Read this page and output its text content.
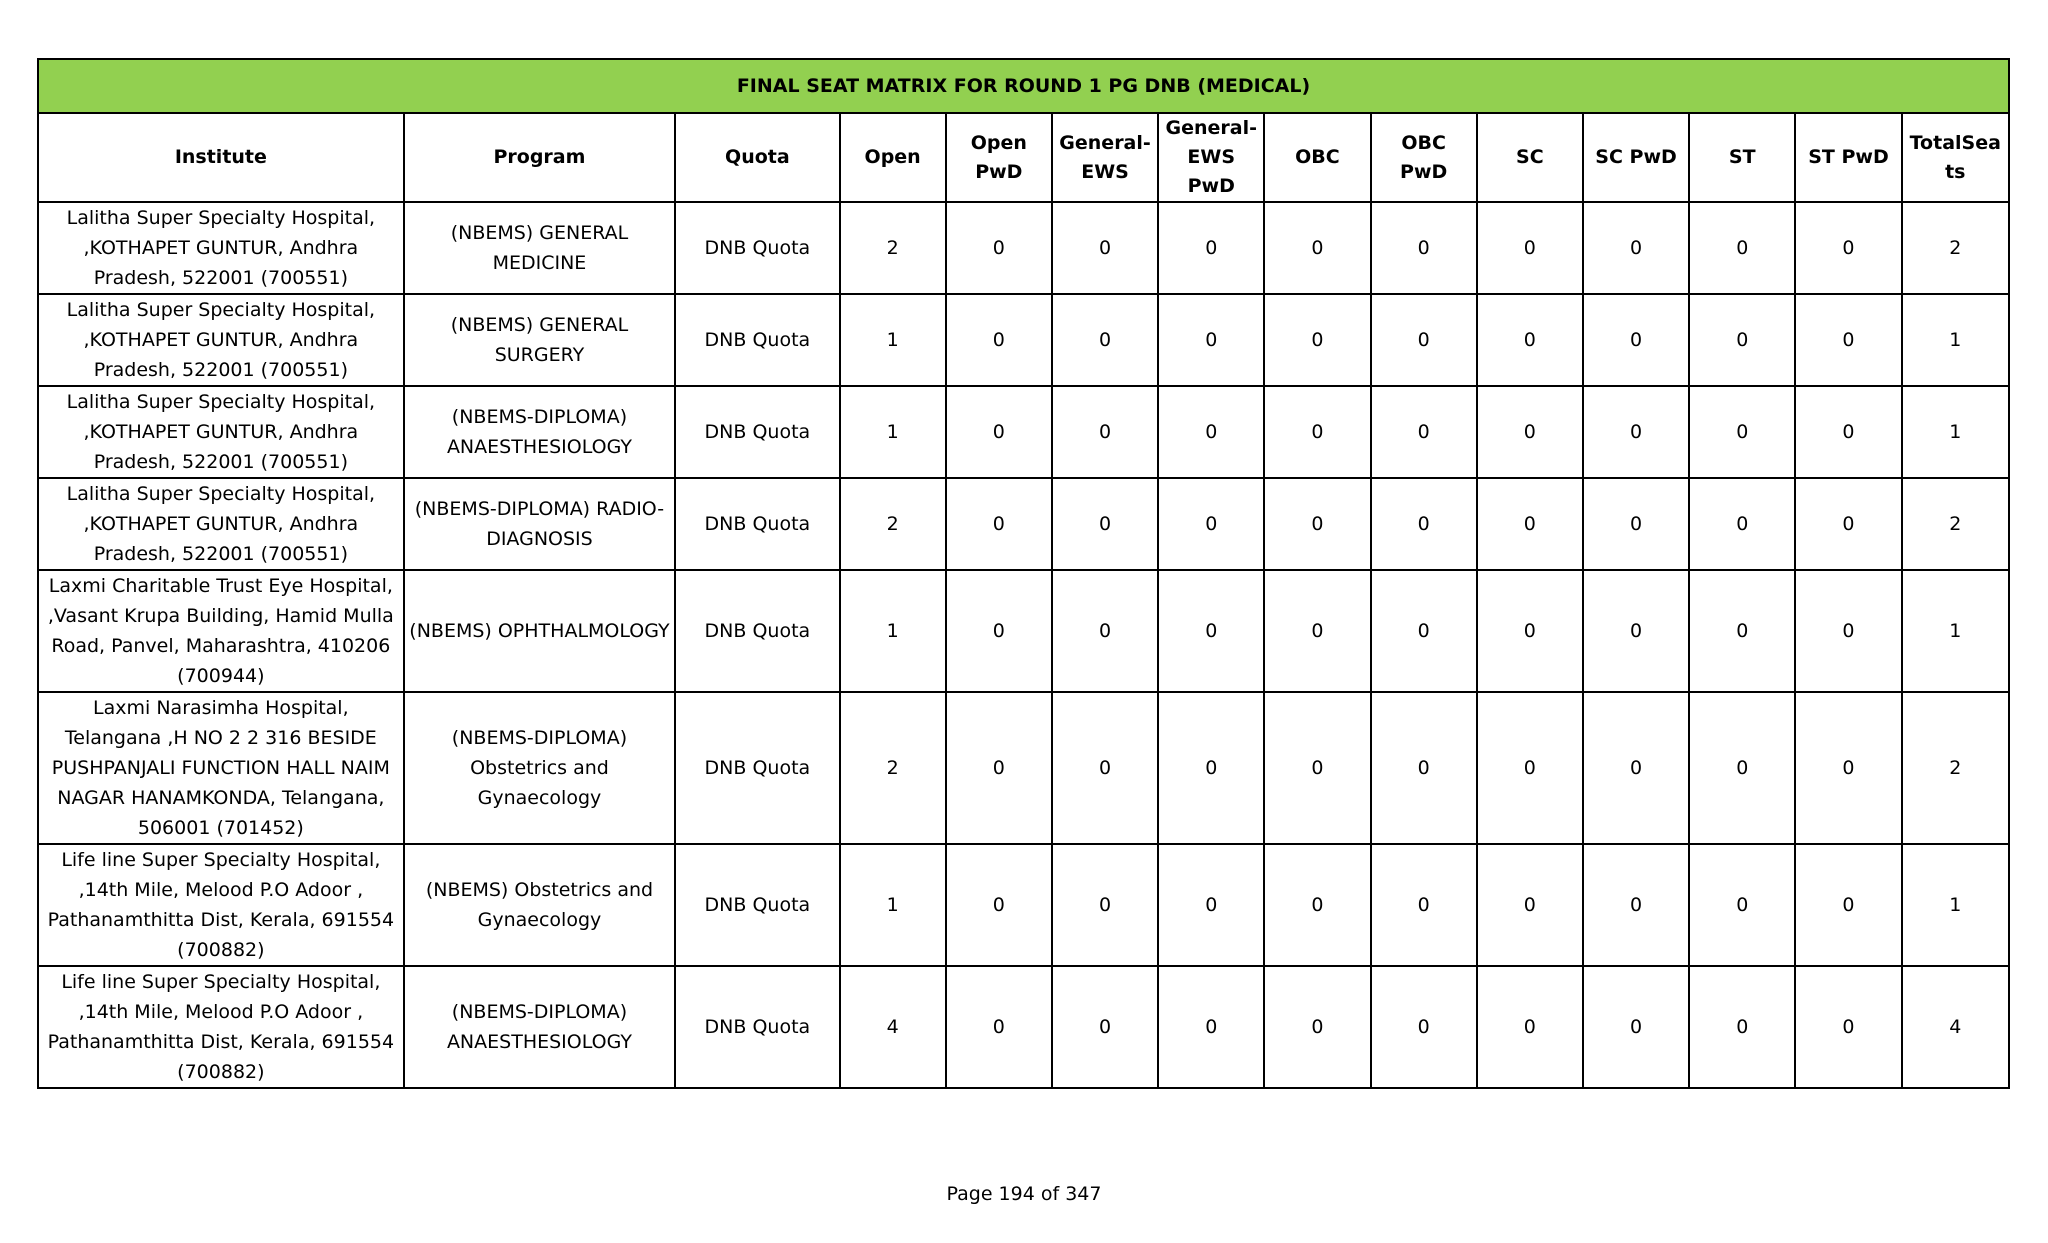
FINAL SEAT MATRIX FOR ROUND 1 PG DNB (MEDICAL)													
Institute	Program	Quota	Open	Open PwD	General-EWS	General-EWS PwD	OBC	OBC PwD	SC	SC PwD	ST	ST PwD	TotalSeats
Lalitha Super Specialty Hospital, ,KOTHAPET GUNTUR, Andhra Pradesh, 522001 (700551)	(NBEMS) GENERAL MEDICINE	DNB Quota	2	0	0	0	0	0	0	0	0	0	2
Lalitha Super Specialty Hospital, ,KOTHAPET GUNTUR, Andhra Pradesh, 522001 (700551)	(NBEMS) GENERAL SURGERY	DNB Quota	1	0	0	0	0	0	0	0	0	0	1
Lalitha Super Specialty Hospital, ,KOTHAPET GUNTUR, Andhra Pradesh, 522001 (700551)	(NBEMS-DIPLOMA) ANAESTHESIOLOGY	DNB Quota	1	0	0	0	0	0	0	0	0	0	1
Lalitha Super Specialty Hospital, ,KOTHAPET GUNTUR, Andhra Pradesh, 522001 (700551)	(NBEMS-DIPLOMA) RADIO-DIAGNOSIS	DNB Quota	2	0	0	0	0	0	0	0	0	0	2
Laxmi Charitable Trust Eye Hospital, ,Vasant Krupa Building, Hamid Mulla Road, Panvel, Maharashtra, 410206 (700944)	(NBEMS) OPHTHALMOLOGY	DNB Quota	1	0	0	0	0	0	0	0	0	0	1
Laxmi Narasimha Hospital, Telangana ,H NO 2 2 316 BESIDE PUSHPANJALI FUNCTION HALL NAIM NAGAR HANAMKONDA, Telangana, 506001 (701452)	(NBEMS-DIPLOMA) Obstetrics and Gynaecology	DNB Quota	2	0	0	0	0	0	0	0	0	0	2
Life line Super Specialty Hospital, ,14th Mile, Melood P.O Adoor , Pathanamthitta Dist, Kerala, 691554 (700882)	(NBEMS) Obstetrics and Gynaecology	DNB Quota	1	0	0	0	0	0	0	0	0	0	1
Life line Super Specialty Hospital, ,14th Mile, Melood P.O Adoor , Pathanamthitta Dist, Kerala, 691554 (700882)	(NBEMS-DIPLOMA) ANAESTHESIOLOGY	DNB Quota	4	0	0	0	0	0	0	0	0	0	4
Page 194 of 347
